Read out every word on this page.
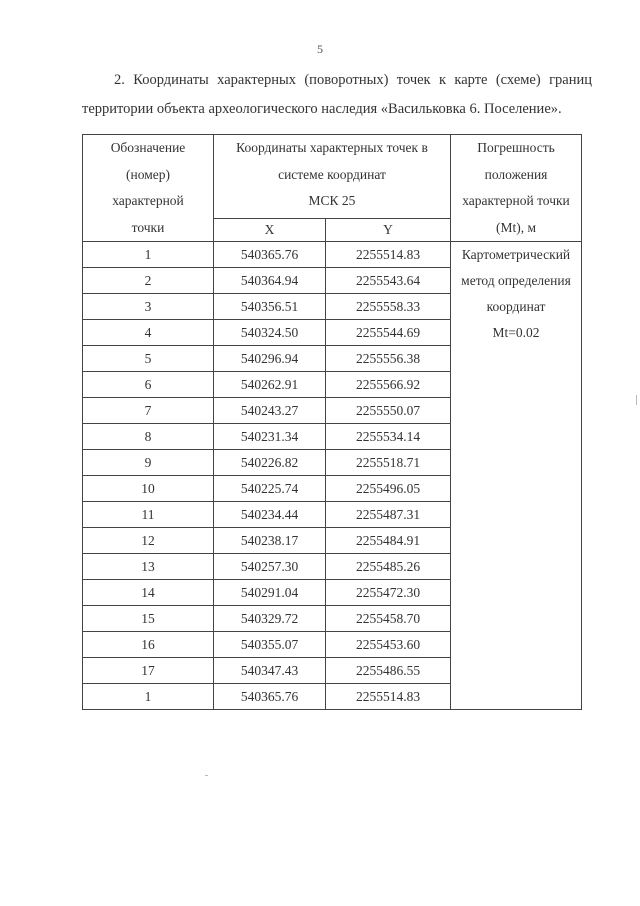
5

2. Координаты характерных (поворотных) точек к карте (схеме) границ территории объекта археологического наследия «Васильковка 6. Поселение».

Обозначение
(номер)
характерной
точки	Координаты характерных точек в
системе координат
МСК 25		Погрешность
положения
характерной точки
(Mt), м

	X	Y	
1	540365.76	2255514.83	Картометрический
метод определения
координат
Mt=0.02

2	540364.94	2255543.64	
3	540356.51	2255558.33	
4	540324.50	2255544.69	
5	540296.94	2255556.38	
6	540262.91	2255566.92	
7	540243.27	2255550.07	
8	540231.34	2255534.14	
9	540226.82	2255518.71	
10	540225.74	2255496.05	
11	540234.44	2255487.31	
12	540238.17	2255484.91	
13	540257.30	2255485.26	
14	540291.04	2255472.30	
15	540329.72	2255458.70	
16	540355.07	2255453.60	
17	540347.43	2255486.55	
1	540365.76	2255514.83	
